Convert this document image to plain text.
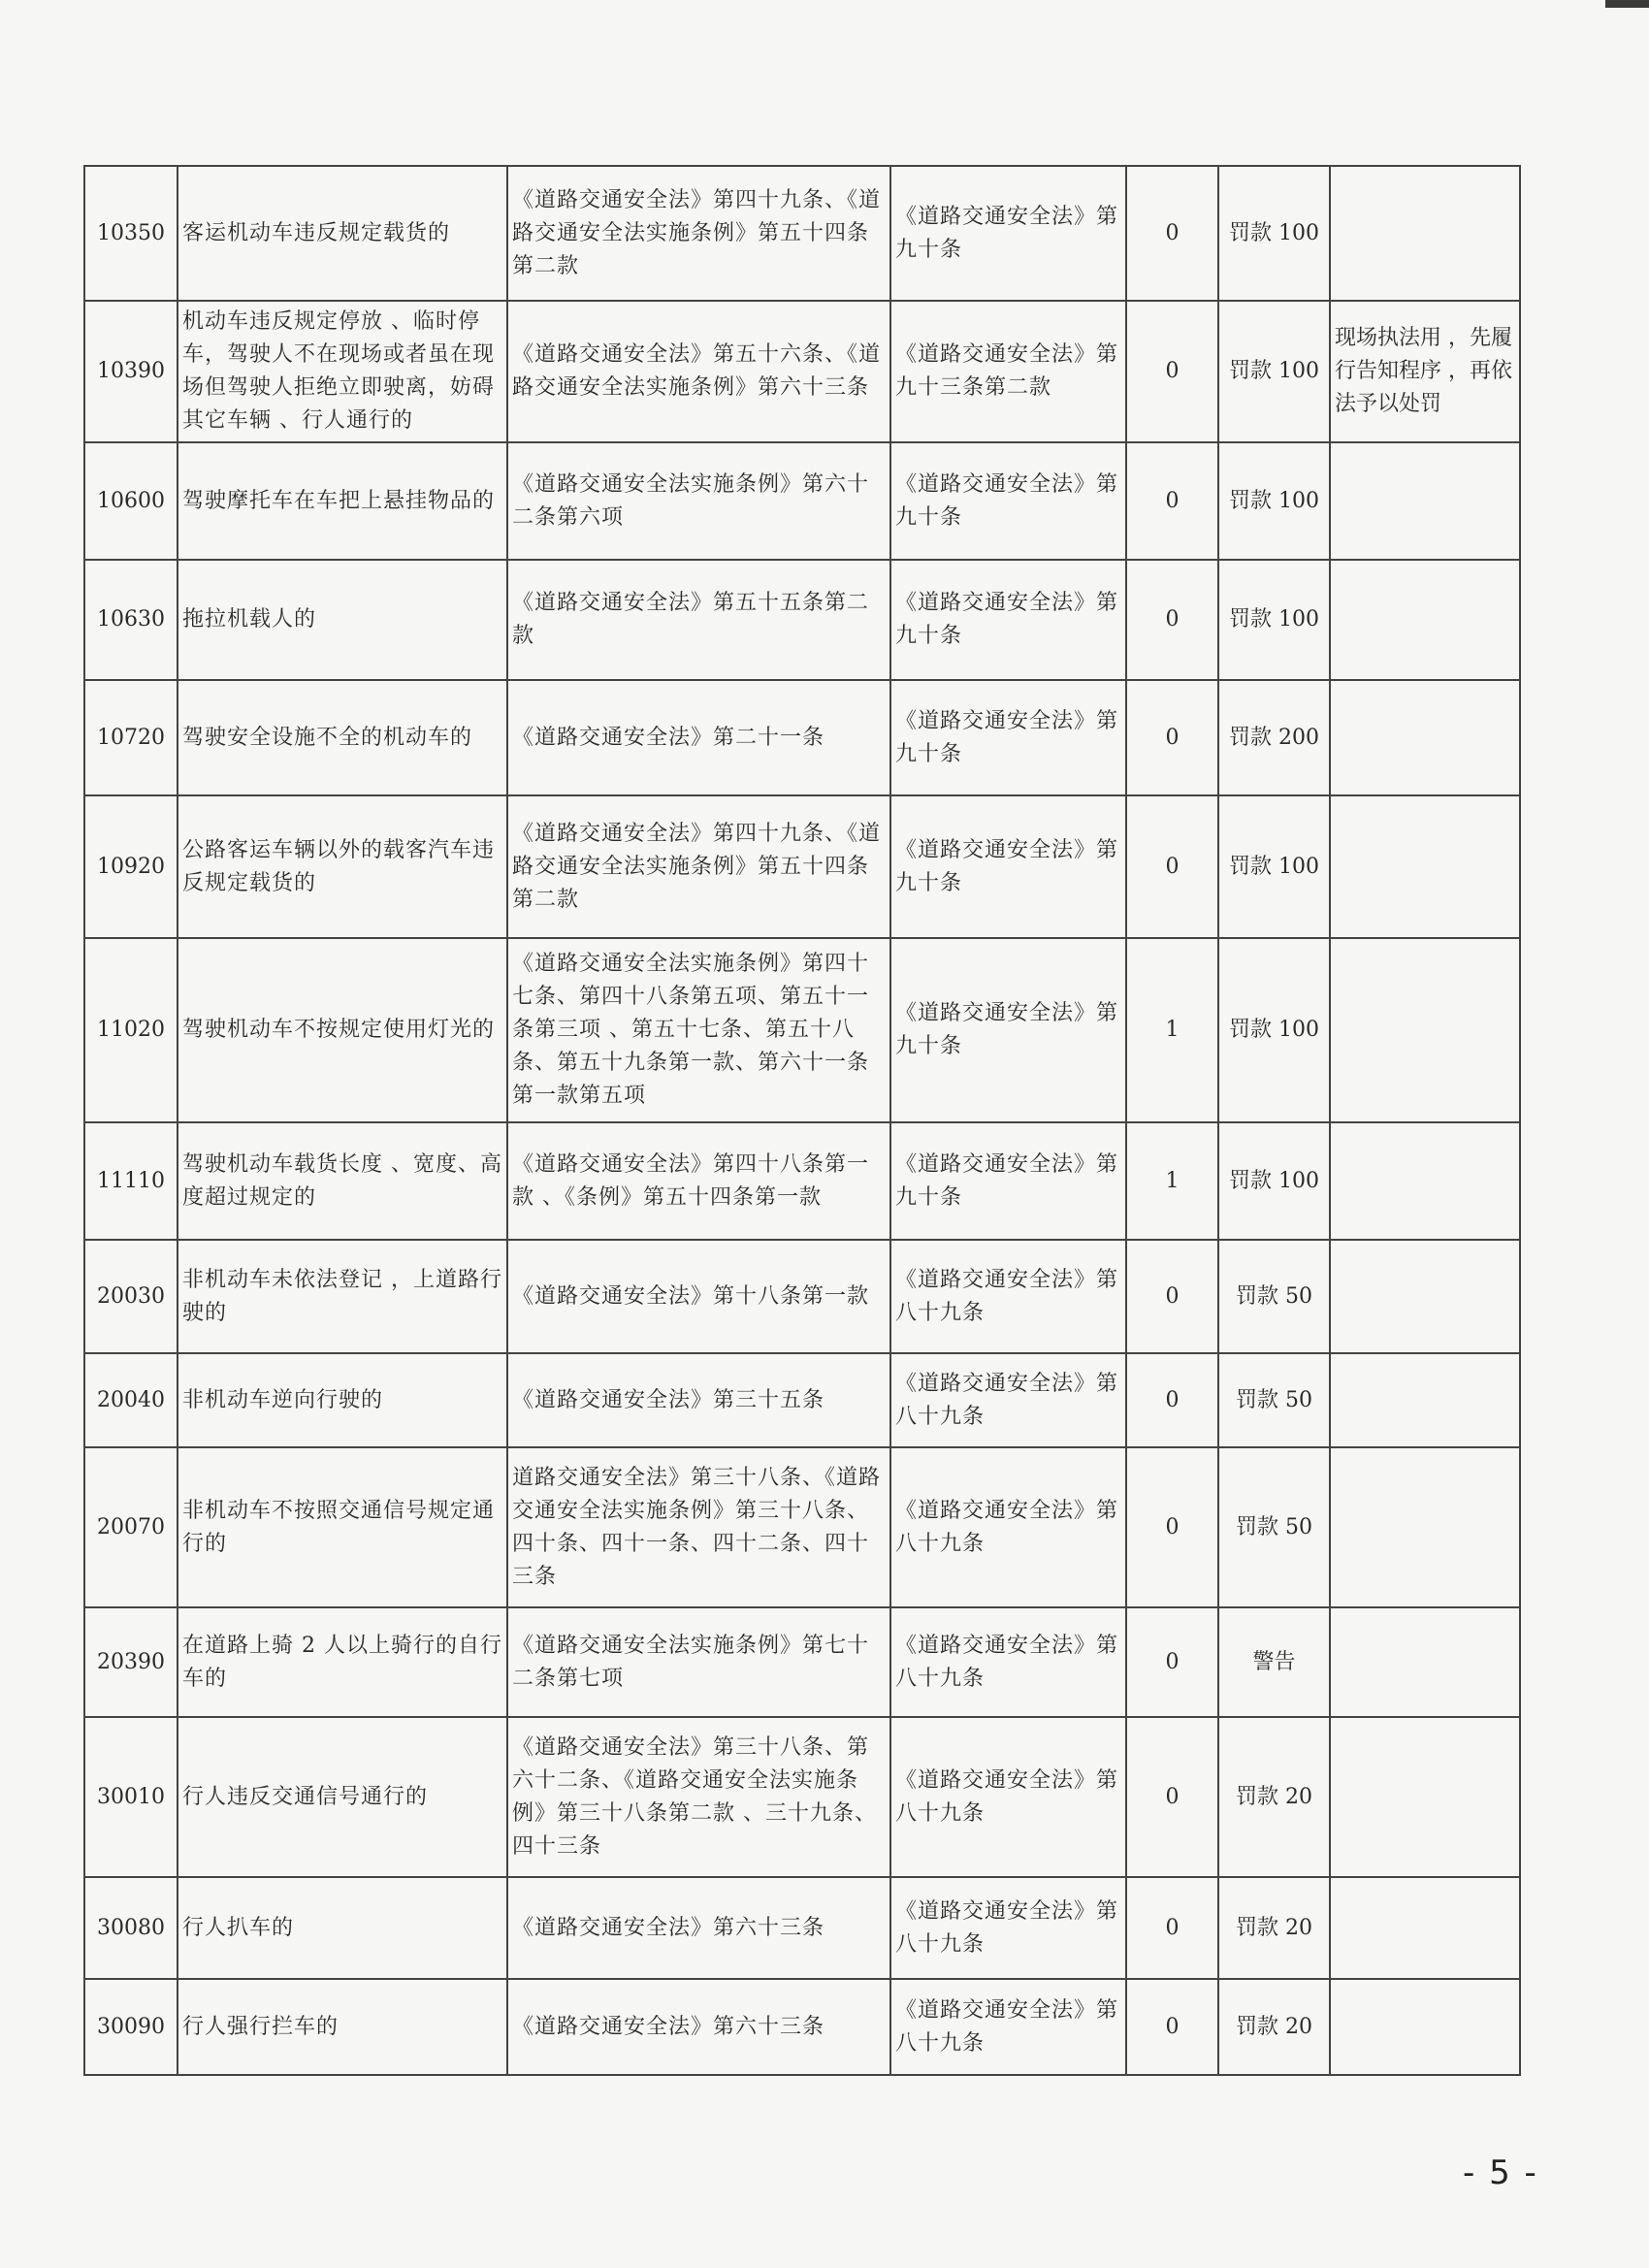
10350	客运机动车违反规定载货的	《道路交通安全法》第四十九条、《道路交通安全法实施条例》第五十四条第二款	《道路交通安全法》第九十条	0	罚款 100	
10390	机动车违反规定停放 、临时停车，驾驶人不在现场或者虽在现场但驾驶人拒绝立即驶离，妨碍其它车辆 、行人通行的	《道路交通安全法》第五十六条、《道路交通安全法实施条例》第六十三条	《道路交通安全法》第九十三条第二款	0	罚款 100	现场执法用 ，先履行告知程序 ，再依法予以处罚
10600	驾驶摩托车在车把上悬挂物品的	《道路交通安全法实施条例》第六十二条第六项	《道路交通安全法》第九十条	0	罚款 100	
10630	拖拉机载人的	《道路交通安全法》第五十五条第二款	《道路交通安全法》第九十条	0	罚款 100	
10720	驾驶安全设施不全的机动车的	《道路交通安全法》第二十一条	《道路交通安全法》第九十条	0	罚款 200	
10920	公路客运车辆以外的载客汽车违反规定载货的	《道路交通安全法》第四十九条、《道路交通安全法实施条例》第五十四条第二款	《道路交通安全法》第九十条	0	罚款 100	
11020	驾驶机动车不按规定使用灯光的	《道路交通安全法实施条例》第四十七条、第四十八条第五项、第五十一条第三项 、第五十七条、第五十八条、第五十九条第一款、第六十一条第一款第五项	《道路交通安全法》第九十条	1	罚款 100	
11110	驾驶机动车载货长度 、宽度、高度超过规定的	《道路交通安全法》第四十八条第一款 、《条例》第五十四条第一款	《道路交通安全法》第九十条	1	罚款 100	
20030	非机动车未依法登记 ，上道路行驶的	《道路交通安全法》第十八条第一款	《道路交通安全法》第八十九条	0	罚款 50	
20040	非机动车逆向行驶的	《道路交通安全法》第三十五条	《道路交通安全法》第八十九条	0	罚款 50	
20070	非机动车不按照交通信号规定通行的	道路交通安全法》第三十八条、《道路交通安全法实施条例》第三十八条、四十条、四十一条、四十二条、四十三条	《道路交通安全法》第八十九条	0	罚款 50	
20390	在道路上骑 2 人以上骑行的自行车的	《道路交通安全法实施条例》第七十二条第七项	《道路交通安全法》第八十九条	0	警告	
30010	行人违反交通信号通行的	《道路交通安全法》第三十八条、第六十二条、《道路交通安全法实施条例》第三十八条第二款 、三十九条、四十三条	《道路交通安全法》第八十九条	0	罚款 20	
30080	行人扒车的	《道路交通安全法》第六十三条	《道路交通安全法》第八十九条	0	罚款 20	
30090	行人强行拦车的	《道路交通安全法》第六十三条	《道路交通安全法》第八十九条	0	罚款 20	
- 5 -
